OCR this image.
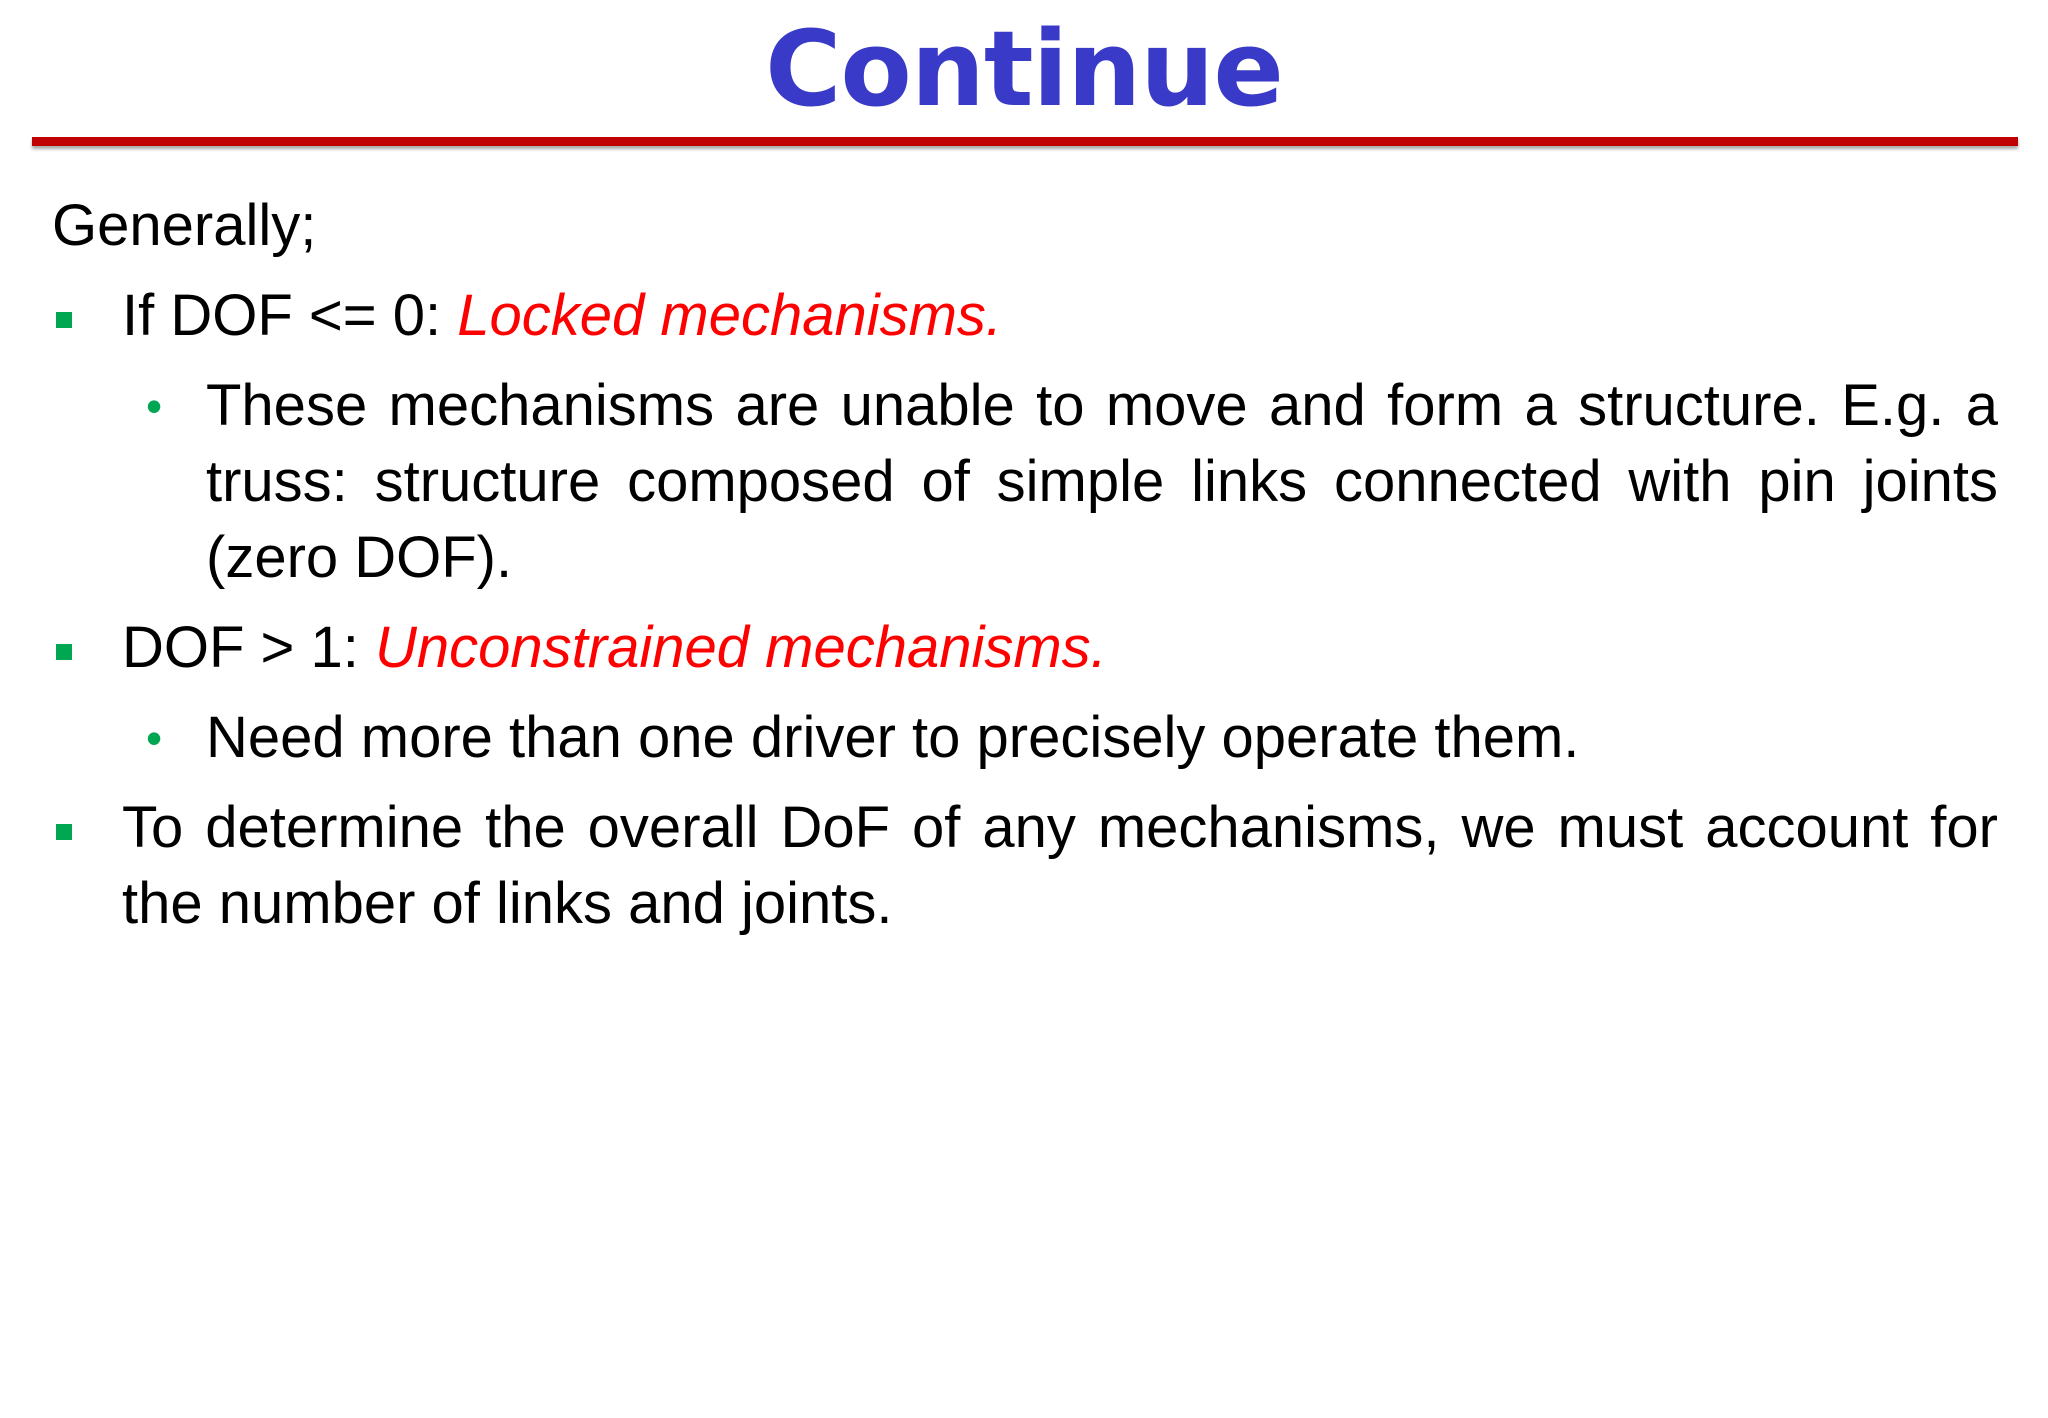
Continue
Generally;
If DOF <= 0: Locked mechanisms.
• These mechanisms are unable to move and form a structure. E.g. a truss: structure composed of simple links connected with pin joints (zero DOF).
DOF > 1: Unconstrained mechanisms.
• Need more than one driver to precisely operate them.
To determine the overall DoF of any mechanisms, we must account for the number of links and joints.
